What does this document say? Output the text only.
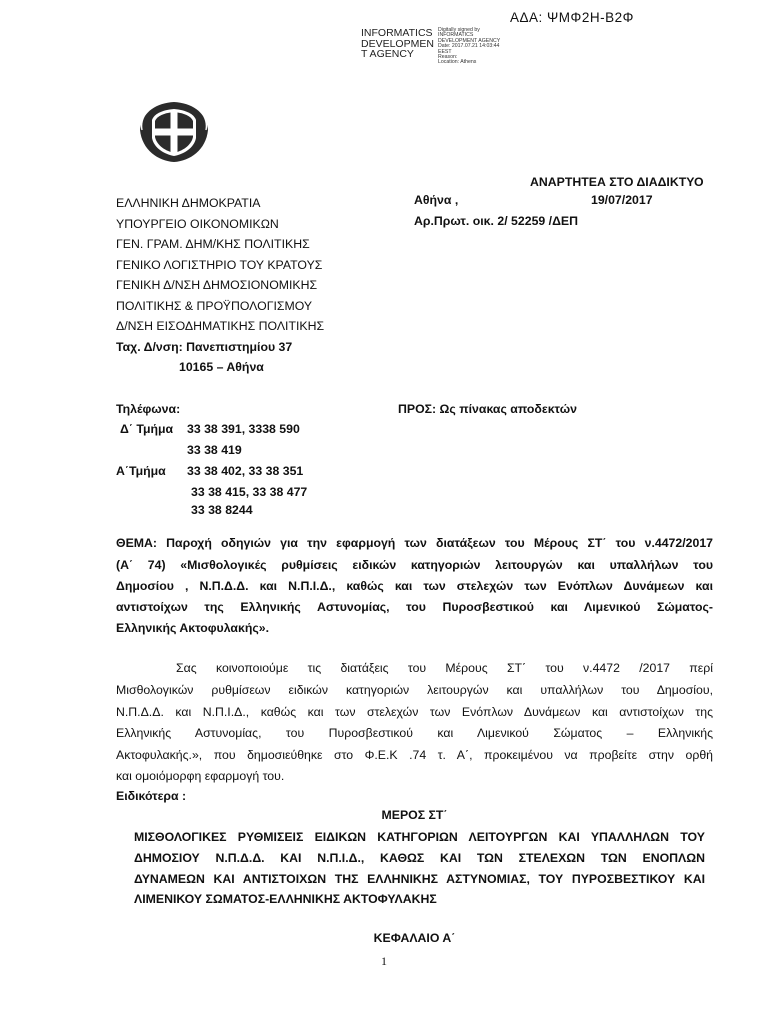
ΑΔΑ: ΨΜΦ2Η-Β2Φ
INFORMATICS
DEVELOPMEN
T AGENCY
Digitally signed by
INFORMATICS
DEVELOPMENT AGENCY
Date: 2017.07.21 14:03:44
EEST
Reason:
Location: Athens
ΑΝΑΡΤΗΤΕΑ ΣΤΟ ΔΙΑΔΙΚΤΥΟ
ΕΛΛΗΝΙΚΗ ΔΗΜΟΚΡΑΤΙΑ
ΥΠΟΥΡΓΕΙΟ ΟΙΚΟΝΟΜΙΚΩΝ
ΓΕΝ. ΓΡΑΜ. ΔΗΜ/ΚΗΣ ΠΟΛΙΤΙΚΗΣ
ΓΕΝΙΚΟ ΛΟΓΙΣΤΗΡΙΟ ΤΟΥ ΚΡΑΤΟΥΣ
ΓΕΝΙΚΗ Δ/ΝΣΗ ΔΗΜΟΣΙΟΝΟΜΙΚΗΣ
ΠΟΛΙΤΙΚΗΣ & ΠΡΟΫΠΟΛΟΓΙΣΜΟΥ
Δ/ΝΣΗ ΕΙΣΟΔΗΜΑΤΙΚΗΣ ΠΟΛΙΤΙΚΗΣ
Ταχ. Δ/νση: Πανεπιστημίου 37
10165 – Αθήνα
Αθήνα ,	19/07/2017
Αρ.Πρωτ. οικ. 2/ 52259 /ΔΕΠ
Τηλέφωνα:	ΠΡΟΣ: Ως πίνακας αποδεκτών
Δ΄ Τμήμα 33 38 391, 3338 590
33 38 419
Α΄Τμήμα 33 38 402, 33 38 351
33 38 415, 33 38 477
33 38 8244
ΘΕΜΑ: Παροχή οδηγιών για την εφαρμογή των διατάξεων του Μέρους ΣΤ΄ του ν.4472/2017
(Α΄ 74) «Μισθολογικές ρυθμίσεις ειδικών κατηγοριών λειτουργών και υπαλλήλων του
Δημοσίου , Ν.Π.Δ.Δ. και Ν.Π.Ι.Δ., καθώς και των στελεχών των Ενόπλων Δυνάμεων και
αντιστοίχων της Ελληνικής Αστυνομίας, του Πυροσβεστικού και Λιμενικού Σώματος-
Ελληνικής Ακτοφυλακής».
Σας κοινοποιούμε τις διατάξεις του Μέρους ΣΤ΄ του ν.4472 /2017 περί
Μισθολογικών ρυθμίσεων ειδικών κατηγοριών λειτουργών και υπαλλήλων του Δημοσίου,
Ν.Π.Δ.Δ. και Ν.Π.Ι.Δ., καθώς και των στελεχών των Ενόπλων Δυνάμεων και αντιστοίχων της
Ελληνικής Αστυνομίας, του Πυροσβεστικού και Λιμενικού Σώματος – Ελληνικής
Ακτοφυλακής.», που δημοσιεύθηκε στο Φ.Ε.Κ .74 τ. Α΄, προκειμένου να προβείτε στην ορθή
και ομοιόμορφη εφαρμογή του.
Ειδικότερα :
ΜΕΡΟΣ ΣΤ΄
ΜΙΣΘΟΛΟΓΙΚΕΣ ΡΥΘΜΙΣΕΙΣ ΕΙΔΙΚΩΝ ΚΑΤΗΓΟΡΙΩΝ ΛΕΙΤΟΥΡΓΩΝ ΚΑΙ ΥΠΑΛΛΗΛΩΝ ΤΟΥ
ΔΗΜΟΣΙΟΥ Ν.Π.Δ.Δ. ΚΑΙ Ν.Π.Ι.Δ., ΚΑΘΩΣ ΚΑΙ ΤΩΝ ΣΤΕΛΕΧΩΝ ΤΩΝ ΕΝΟΠΛΩΝ
ΔΥΝΑΜΕΩΝ ΚΑΙ ΑΝΤΙΣΤΟΙΧΩΝ ΤΗΣ ΕΛΛΗΝΙΚΗΣ ΑΣΤΥΝΟΜΙΑΣ, ΤΟΥ ΠΥΡΟΣΒΕΣΤΙΚΟΥ ΚΑΙ
ΛΙΜΕΝΙΚΟΥ ΣΩΜΑΤΟΣ-ΕΛΛΗΝΙΚΗΣ ΑΚΤΟΦΥΛΑΚΗΣ
ΚΕΦΑΛΑΙΟ Α΄
1
